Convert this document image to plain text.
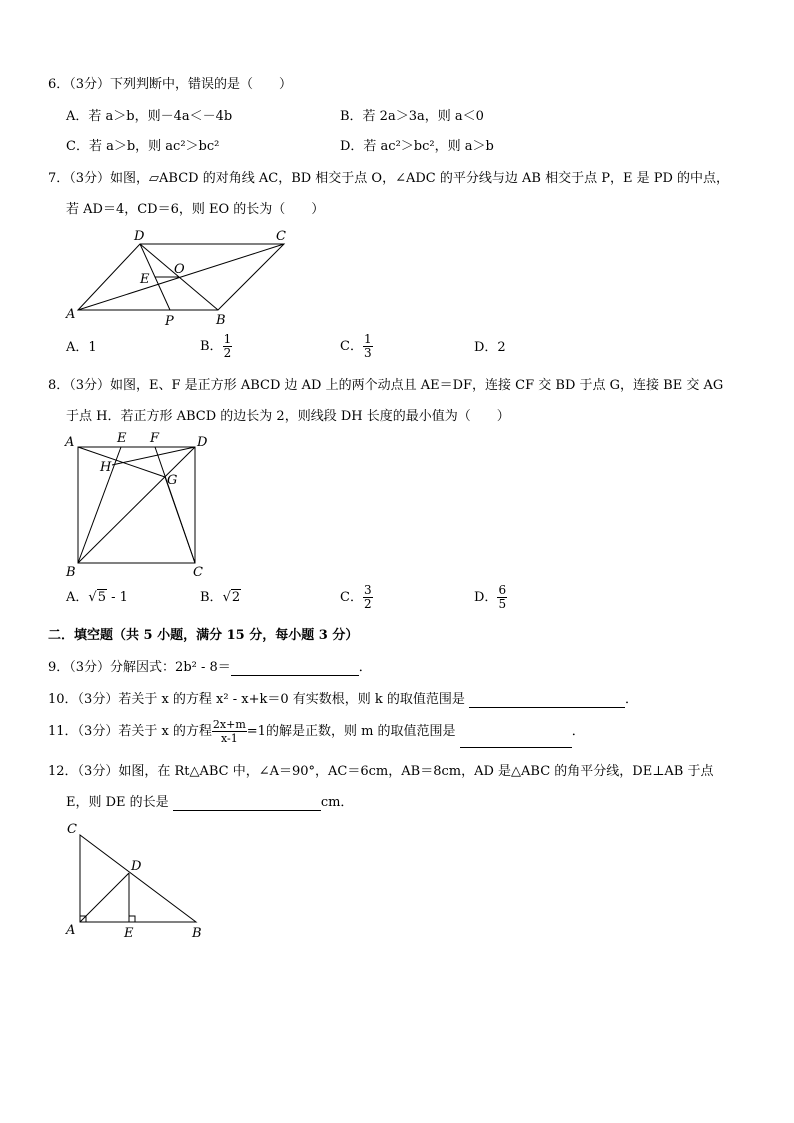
6．（3分）下列判断中，错误的是（　　）
A．若 a＞b，则－4a＜－4b	B．若 2a＞3a，则 a＜0
C．若 a＞b，则 ac²＞bc²	D．若 ac²＞bc²，则 a＞b
7．（3分）如图，▱ABCD 的对角线 AC，BD 相交于点 O，∠ADC 的平分线与边 AB 相交于点 P，E 是 PD 的中点，
若 AD＝4，CD＝6，则 EO 的长为（　　）
D	C
E
O
A	P	B
A．1	B． $\frac{1}{2}$	C． $\frac{1}{3}$	D．2
8．（3分）如图，E、F 是正方形 ABCD 边 AD 上的两个动点且 AE＝DF，连接 CF 交 BD 于点 G，连接 BE 交 AG
于点 H．若正方形 ABCD 的边长为 2，则线段 DH 长度的最小值为（　　）
A	E F	D
H
G
B	C
A．√5 - 1	B．√2	C． $\frac{3}{2}$	D． $\frac{6}{5}$
二．填空题（共 5 小题，满分 15 分，每小题 3 分）
9．（3分）分解因式：2b² - 8＝	．
10．（3分）若关于 x 的方程 x² - x+k＝0 有实数根，则 k 的取值范围是	．
11．（3分）若关于 x 的方程 $\frac{2x+m}{x-1} =1$的解是正数，则 m 的取值范围是	．
12．（3分）如图，在 Rt△ABC 中，∠A＝90°，AC＝6cm，AB＝8cm，AD 是△ABC 的角平分线，DE⊥AB 于点
E，则 DE 的长是	cm．
C
D
A	E	B
